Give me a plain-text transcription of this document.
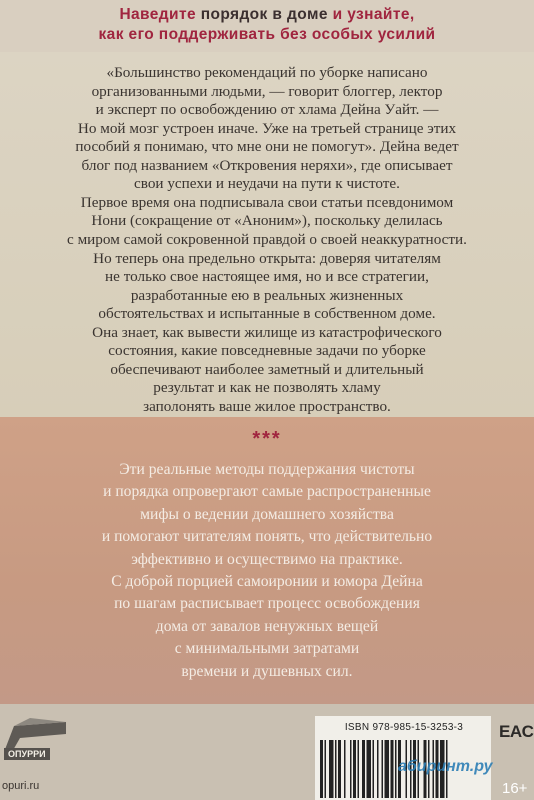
Наведите порядок в доме и узнайте,
как его поддерживать без особых усилий
«Большинство рекомендаций по уборке написано
организованными людьми, — говорит блоггер, лектор
и эксперт по освобождению от хлама Дейна Уайт. —
Но мой мозг устроен иначе. Уже на третьей странице этих
пособий я понимаю, что мне они не помогут». Дейна ведет
блог под названием «Откровения неряхи», где описывает
свои успехи и неудачи на пути к чистоте.
Первое время она подписывала свои статьи псевдонимом
Нони (сокращение от «Аноним»), поскольку делилась
с миром самой сокровенной правдой о своей неаккуратности.
Но теперь она предельно открыта: доверяя читателям
не только свое настоящее имя, но и все стратегии,
разработанные ею в реальных жизненных
обстоятельствах и испытанные в собственном доме.
Она знает, как вывести жилище из катастрофического
состояния, какие повседневные задачи по уборке
обеспечивают наиболее заметный и длительный
результат и как не позволять хламу
заполонять ваше жилое пространство.
***
Эти реальные методы поддержания чистоты
и порядка опровергают самые распространенные
мифы о ведении домашнего хозяйства
и помогают читателям понять, что действительно
эффективно и осуществимо на практике.
С доброй порцией самоиронии и юмора Дейна
по шагам расписывает процесс освобождения
дома от завалов ненужных вещей
с минимальными затратами
времени и душевных сил.
ОПУРРИ
opuri.ru
ISBN 978-985-15-3253-3	EAC
абиринт.ру
16+
